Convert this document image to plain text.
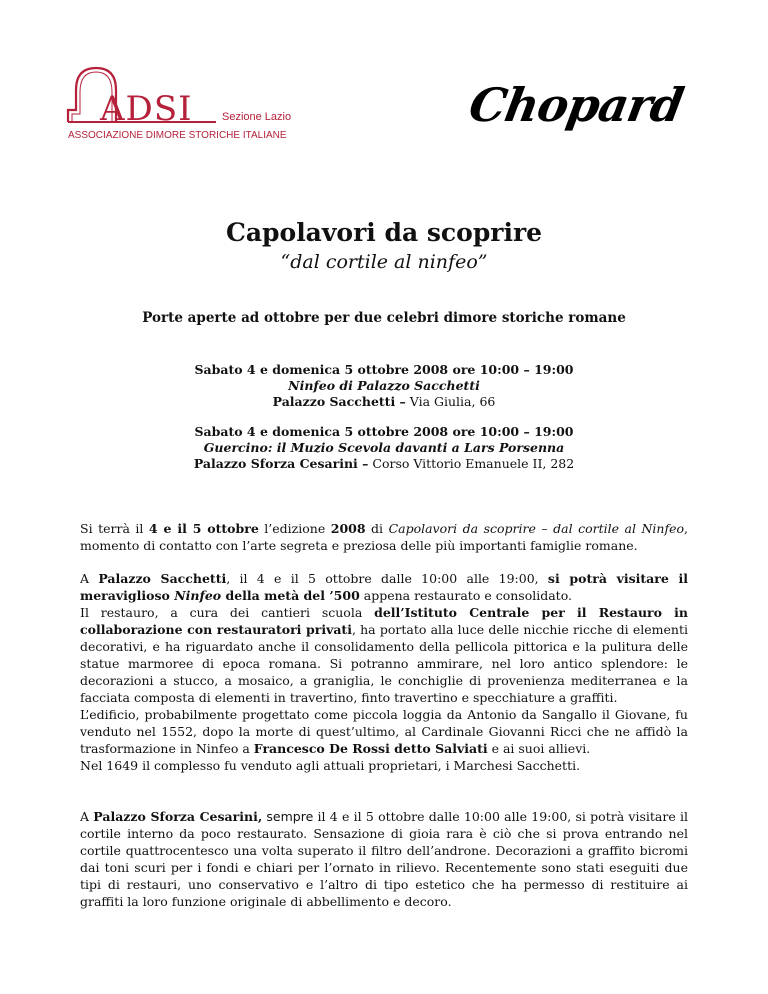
ADSI	Sezione Lazio
ASSOCIAZIONE DIMORE STORICHE ITALIANE
Chopard
Capolavori da scoprire
“dal cortile al ninfeo”
Porte aperte ad ottobre per due celebri dimore storiche romane
Sabato 4 e domenica 5 ottobre 2008 ore 10:00 – 19:00
Ninfeo di Palazzo Sacchetti
Palazzo Sacchetti – Via Giulia, 66
Sabato 4 e domenica 5 ottobre 2008 ore 10:00 – 19:00
Guercino: il Muzio Scevola davanti a Lars Porsenna
Palazzo Sforza Cesarini – Corso Vittorio Emanuele II, 282

Si terrà il 4 e il 5 ottobre l’edizione 2008 di Capolavori da scoprire – dal cortile al Ninfeo, momento di contatto con l’arte segreta e preziosa delle più importanti famiglie romane.

A Palazzo Sacchetti, il 4 e il 5 ottobre dalle 10:00 alle 19:00, si potrà visitare il meraviglioso Ninfeo della metà del ’500 appena restaurato e consolidato.

Il restauro, a cura dei cantieri scuola dell’Istituto Centrale per il Restauro in collaborazione con restauratori privati, ha portato alla luce delle nicchie ricche di elementi decorativi, e ha riguardato anche il consolidamento della pellicola pittorica e la pulitura delle statue marmoree di epoca romana. Si potranno ammirare, nel loro antico splendore: le decorazioni a stucco, a mosaico, a graniglia, le conchiglie di provenienza mediterranea e la facciata composta di elementi in travertino, finto travertino e specchiature a graffiti.

L’edificio, probabilmente progettato come piccola loggia da Antonio da Sangallo il Giovane, fu venduto nel 1552, dopo la morte di quest’ultimo, al Cardinale Giovanni Ricci che ne affidò la trasformazione in Ninfeo a Francesco De Rossi detto Salviati e ai suoi allievi.

Nel 1649 il complesso fu venduto agli attuali proprietari, i Marchesi Sacchetti.

A Palazzo Sforza Cesarini, sempre il 4 e il 5 ottobre dalle 10:00 alle 19:00, si potrà visitare il cortile interno da poco restaurato. Sensazione di gioia rara è ciò che si prova entrando nel cortile quattrocentesco una volta superato il filtro dell’androne. Decorazioni a graffito bicromi dai toni scuri per i fondi e chiari per l’ornato in rilievo. Recentemente sono stati eseguiti due tipi di restauri, uno conservativo e l’altro di tipo estetico che ha permesso di restituire ai graffiti la loro funzione originale di abbellimento e decoro.
